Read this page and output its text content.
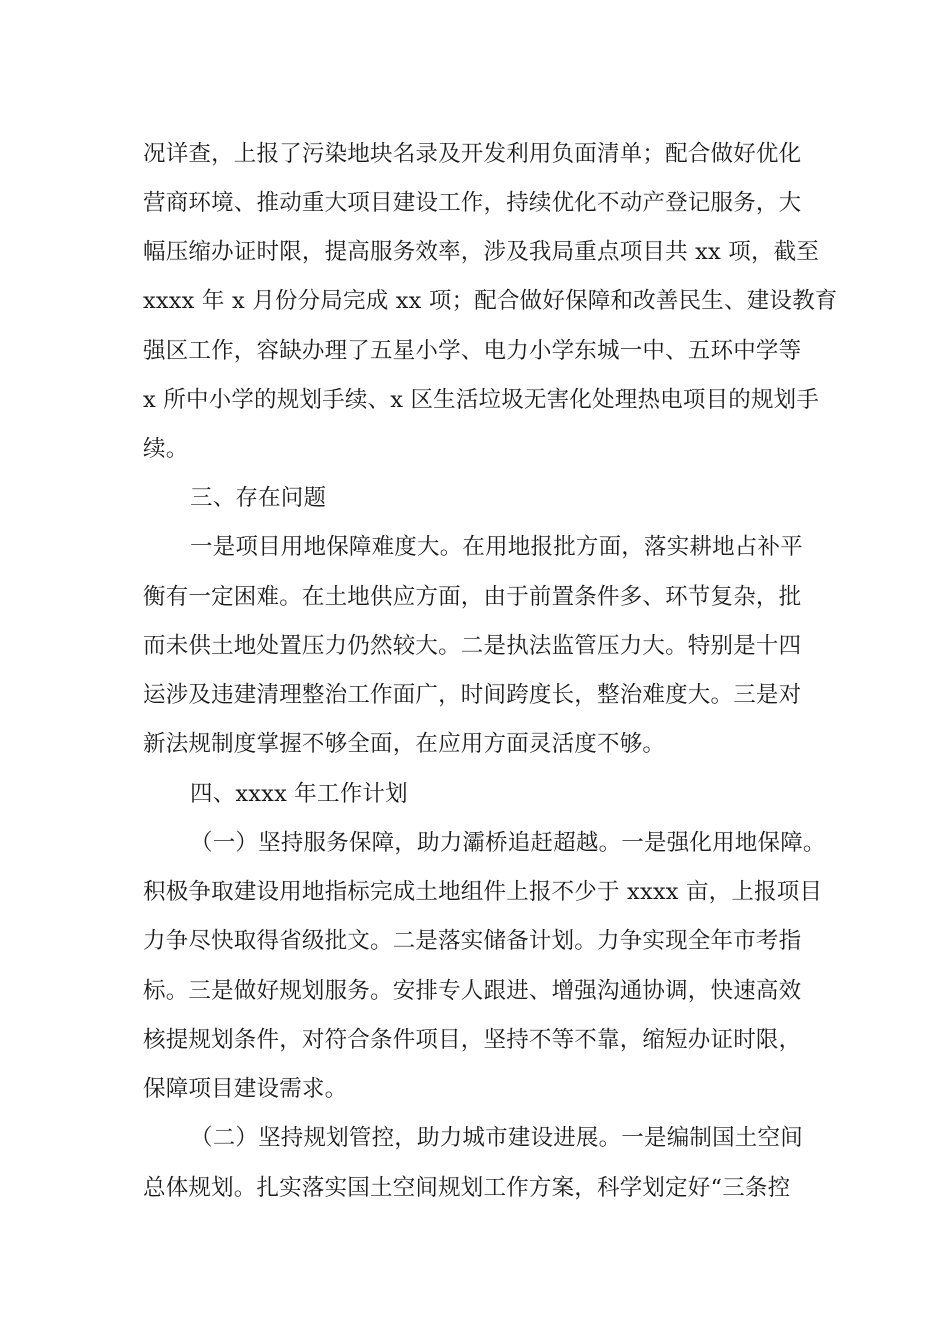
况详查，上报了污染地块名录及开发利用负面清单；配合做好优化
营商环境、推动重大项目建设工作，持续优化不动产登记服务，大
幅压缩办证时限，提高服务效率，涉及我局重点项目共 xx 项，截至
xxxx 年 x 月份分局完成 xx 项；配合做好保障和改善民生、建设教育
强区工作，容缺办理了五星小学、电力小学东城一中、五环中学等
x 所中小学的规划手续、x 区生活垃圾无害化处理热电项目的规划手
续。
三、存在问题
一是项目用地保障难度大。在用地报批方面，落实耕地占补平
衡有一定困难。在土地供应方面，由于前置条件多、环节复杂，批
而未供土地处置压力仍然较大。二是执法监管压力大。特别是十四
运涉及违建清理整治工作面广，时间跨度长，整治难度大。三是对
新法规制度掌握不够全面，在应用方面灵活度不够。
四、xxxx 年工作计划
（一）坚持服务保障，助力灞桥追赶超越。一是强化用地保障。
积极争取建设用地指标完成土地组件上报不少于 xxxx 亩，上报项目
力争尽快取得省级批文。二是落实储备计划。力争实现全年市考指
标。三是做好规划服务。安排专人跟进、增强沟通协调，快速高效
核提规划条件，对符合条件项目，坚持不等不靠，缩短办证时限，
保障项目建设需求。
（二）坚持规划管控，助力城市建设进展。一是编制国土空间
总体规划。扎实落实国土空间规划工作方案，科学划定好“三条控
